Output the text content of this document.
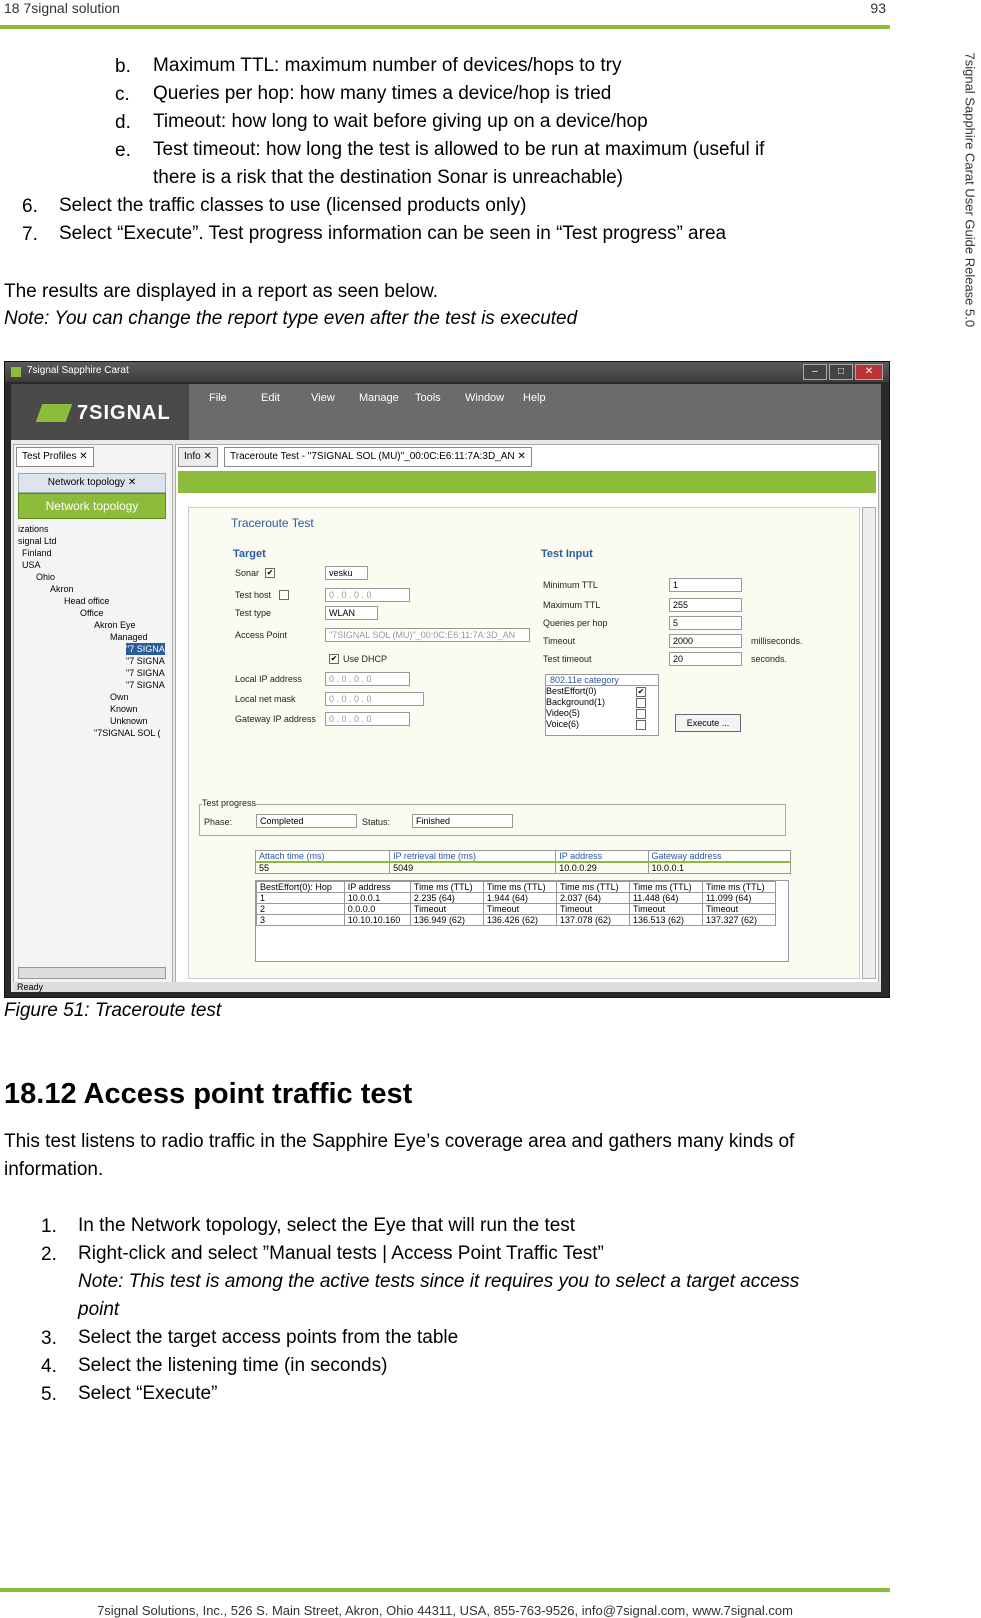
18 7signal solution	93
7signal Sapphire Carat User Guide Release 5.0
b. Maximum TTL: maximum number of devices/hops to try
c. Queries per hop: how many times a device/hop is tried
d. Timeout: how long to wait before giving up on a device/hop
e. Test timeout: how long the test is allowed to be run at maximum (useful if
there is a risk that the destination Sonar is unreachable)
6. Select the traffic classes to use (licensed products only)
7. Select “Execute”. Test progress information can be seen in “Test progress” area
The results are displayed in a report as seen below.
Note: You can change the report type even after the test is executed
7signal Sapphire Carat	–	□	✕
7SIGNAL
File	Edit	View Manage Tools Window Help
Test Profiles ✕
Network topology ✕
Network topology
izations
signal Ltd
Finland
USA
Ohio
Akron
Head office
Office
Akron Eye
Managed
"7 SIGNA
"7 SIGNA
"7 SIGNA
"7 SIGNA
Own
Known
Unknown
"7SIGNAL SOL (
Info ✕	Traceroute Test - "7SIGNAL SOL (MU)"_00:0C:E6:11:7A:3D_AN ✕
Traceroute Test
Target	Test Input
Sonar ✔	vesku
Test host	0 . 0 . 0 . 0
Test type	WLAN
Access Point	"7SIGNAL SOL (MU)"_00:0C:E6:11:7A:3D_AN
✔ Use DHCP
Local IP address	0 . 0 . 0 . 0
Local net mask	0 . 0 . 0 . 0
Gateway IP address	0 . 0 . 0 . 0
Minimum TTL	1
Maximum TTL	255
Queries per hop	5
Timeout	2000	milliseconds.
Test timeout	20	seconds.
802.11e category
BestEffort(0)	✔
Background(1)
Video(5)
Voice(6)	Execute ...
Test progress
Phase:	Completed	Status:	Finished
Attach time (ms)	IP retrieval time (ms)	IP address	Gateway address
55	5049	10.0.0.29	10.0.0.1
BestEffort(0): Hop	IP address	Time ms (TTL)	Time ms (TTL)	Time ms (TTL)	Time ms (TTL)	Time ms (TTL)
1	10.0.0.1	2.235 (64)	1.944 (64)	2.037 (64)	11.448 (64)	11.099 (64)
2	0.0.0.0	Timeout	Timeout	Timeout	Timeout	Timeout
3	10.10.10.160	136.949 (62)	136.426 (62)	137.078 (62)	136.513 (62)	137.327 (62)
Ready
Figure 51: Traceroute test
18.12 Access point traffic test
This test listens to radio traffic in the Sapphire Eye’s coverage area and gathers many kinds of
information.
1. In the Network topology, select the Eye that will run the test
2. Right-click and select ”Manual tests | Access Point Traffic Test”
Note: This test is among the active tests since it requires you to select a target access
point
3. Select the target access points from the table
4. Select the listening time (in seconds)
5. Select “Execute”
7signal Solutions, Inc., 526 S. Main Street, Akron, Ohio 44311, USA, 855-763-9526, info@7signal.com, www.7signal.com
